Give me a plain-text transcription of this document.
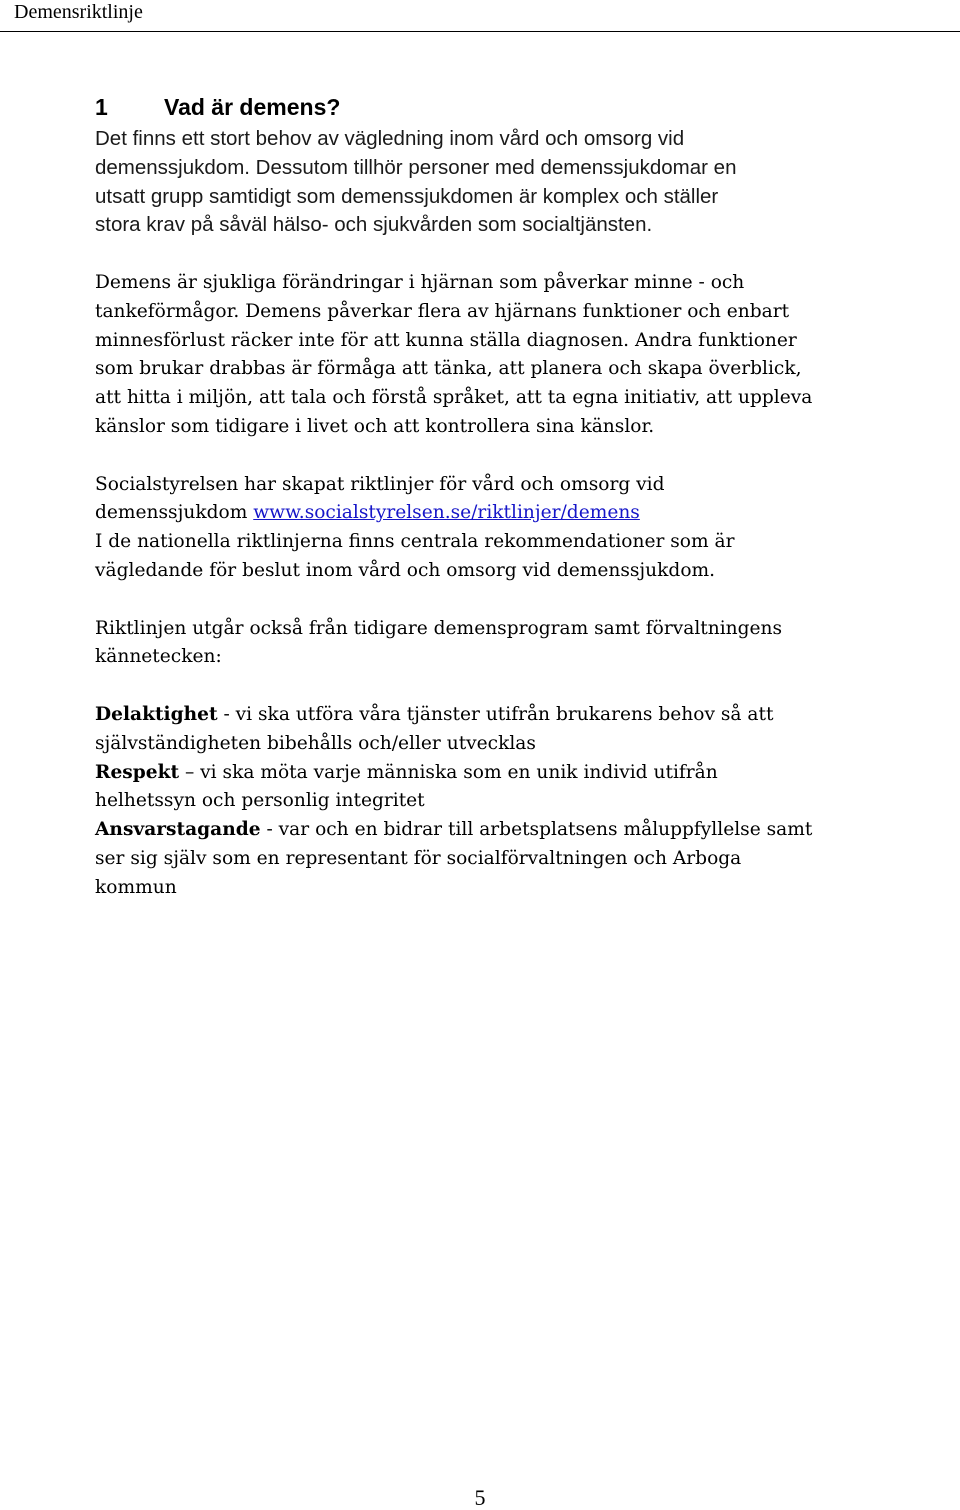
Demensriktlinje
1 Vad är demens?

Det finns ett stort behov av vägledning inom vård och omsorg vid
demenssjukdom. Dessutom tillhör personer med demenssjukdomar en
utsatt grupp samtidigt som demenssjukdomen är komplex och ställer
stora krav på såväl hälso- och sjukvården som socialtjänsten.

Demens är sjukliga förändringar i hjärnan som påverkar minne - och
tankeförmågor. Demens påverkar flera av hjärnans funktioner och enbart
minnesförlust räcker inte för att kunna ställa diagnosen. Andra funktioner
som brukar drabbas är förmåga att tänka, att planera och skapa överblick,
att hitta i miljön, att tala och förstå språket, att ta egna initiativ, att uppleva
känslor som tidigare i livet och att kontrollera sina känslor.

Socialstyrelsen har skapat riktlinjer för vård och omsorg vid
demenssjukdom www.socialstyrelsen.se/riktlinjer/demens
I de nationella riktlinjerna finns centrala rekommendationer som är
vägledande för beslut inom vård och omsorg vid demenssjukdom.

Riktlinjen utgår också från tidigare demensprogram samt förvaltningens
kännetecken:

Delaktighet - vi ska utföra våra tjänster utifrån brukarens behov så att
självständigheten bibehålls och/eller utvecklas
Respekt – vi ska möta varje människa som en unik individ utifrån
helhetssyn och personlig integritet
Ansvarstagande - var och en bidrar till arbetsplatsens måluppfyllelse samt
ser sig själv som en representant för socialförvaltningen och Arboga
kommun
5
